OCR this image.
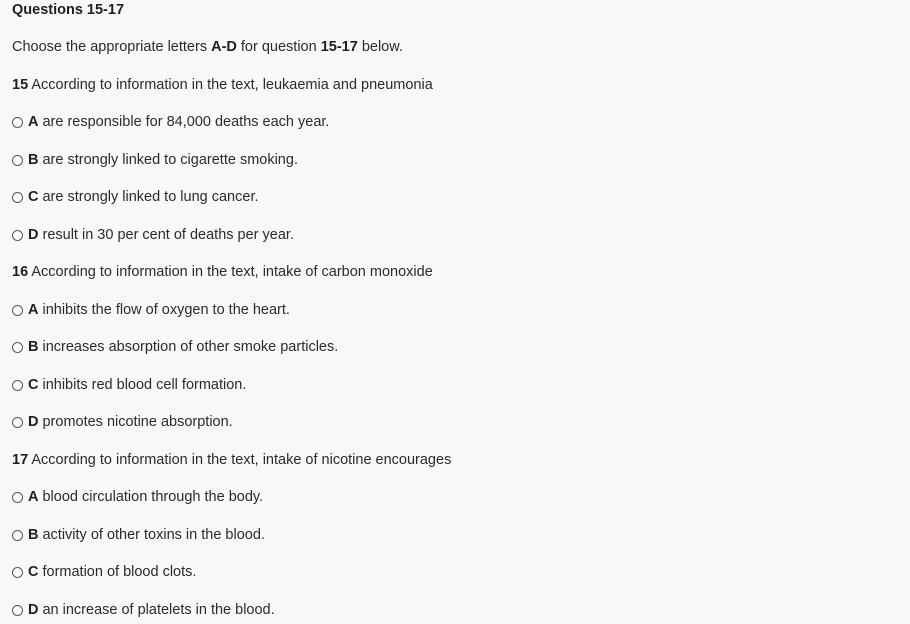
Questions 15-17
Choose the appropriate letters A-D for question 15-17 below.
15 According to information in the text, leukaemia and pneumonia
A are responsible for 84,000 deaths each year.
B are strongly linked to cigarette smoking.
C are strongly linked to lung cancer.
D result in 30 per cent of deaths per year.
16 According to information in the text, intake of carbon monoxide
A inhibits the flow of oxygen to the heart.
B increases absorption of other smoke particles.
C inhibits red blood cell formation.
D promotes nicotine absorption.
17 According to information in the text, intake of nicotine encourages
A blood circulation through the body.
B activity of other toxins in the blood.
C formation of blood clots.
D an increase of platelets in the blood.
